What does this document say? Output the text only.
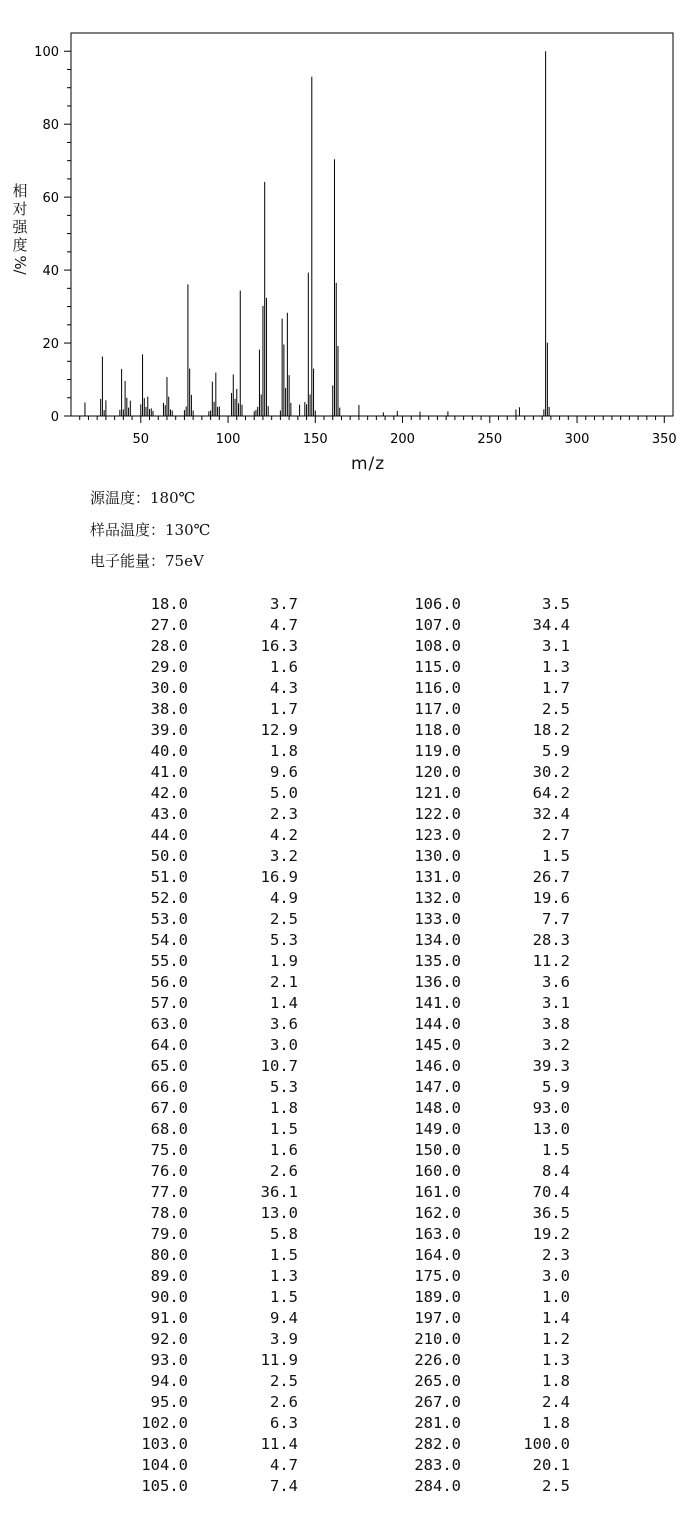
50	100	150	200	250	300	350
0
20
40
60
80
100
相
对
强
度
%/
m/z
源温度：180℃
样品温度：130℃
电子能量：75eV
18.0	3.7
27.0	4.7
28.0	16.3
29.0	1.6
30.0	4.3
38.0	1.7
39.0	12.9
40.0	1.8
41.0	9.6
42.0	5.0
43.0	2.3
44.0	4.2
50.0	3.2
51.0	16.9
52.0	4.9
53.0	2.5
54.0	5.3
55.0	1.9
56.0	2.1
57.0	1.4
63.0	3.6
64.0	3.0
65.0	10.7
66.0	5.3
67.0	1.8
68.0	1.5
75.0	1.6
76.0	2.6
77.0	36.1
78.0	13.0
79.0	5.8
80.0	1.5
89.0	1.3
90.0	1.5
91.0	9.4
92.0	3.9
93.0	11.9
94.0	2.5
95.0	2.6
102.0	6.3
103.0	11.4
104.0	4.7
105.0	7.4
106.0	3.5
107.0	34.4
108.0	3.1
115.0	1.3
116.0	1.7
117.0	2.5
118.0	18.2
119.0	5.9
120.0	30.2
121.0	64.2
122.0	32.4
123.0	2.7
130.0	1.5
131.0	26.7
132.0	19.6
133.0	7.7
134.0	28.3
135.0	11.2
136.0	3.6
141.0	3.1
144.0	3.8
145.0	3.2
146.0	39.3
147.0	5.9
148.0	93.0
149.0	13.0
150.0	1.5
160.0	8.4
161.0	70.4
162.0	36.5
163.0	19.2
164.0	2.3
175.0	3.0
189.0	1.0
197.0	1.4
210.0	1.2
226.0	1.3
265.0	1.8
267.0	2.4
281.0	1.8
282.0	100.0
283.0	20.1
284.0	2.5
